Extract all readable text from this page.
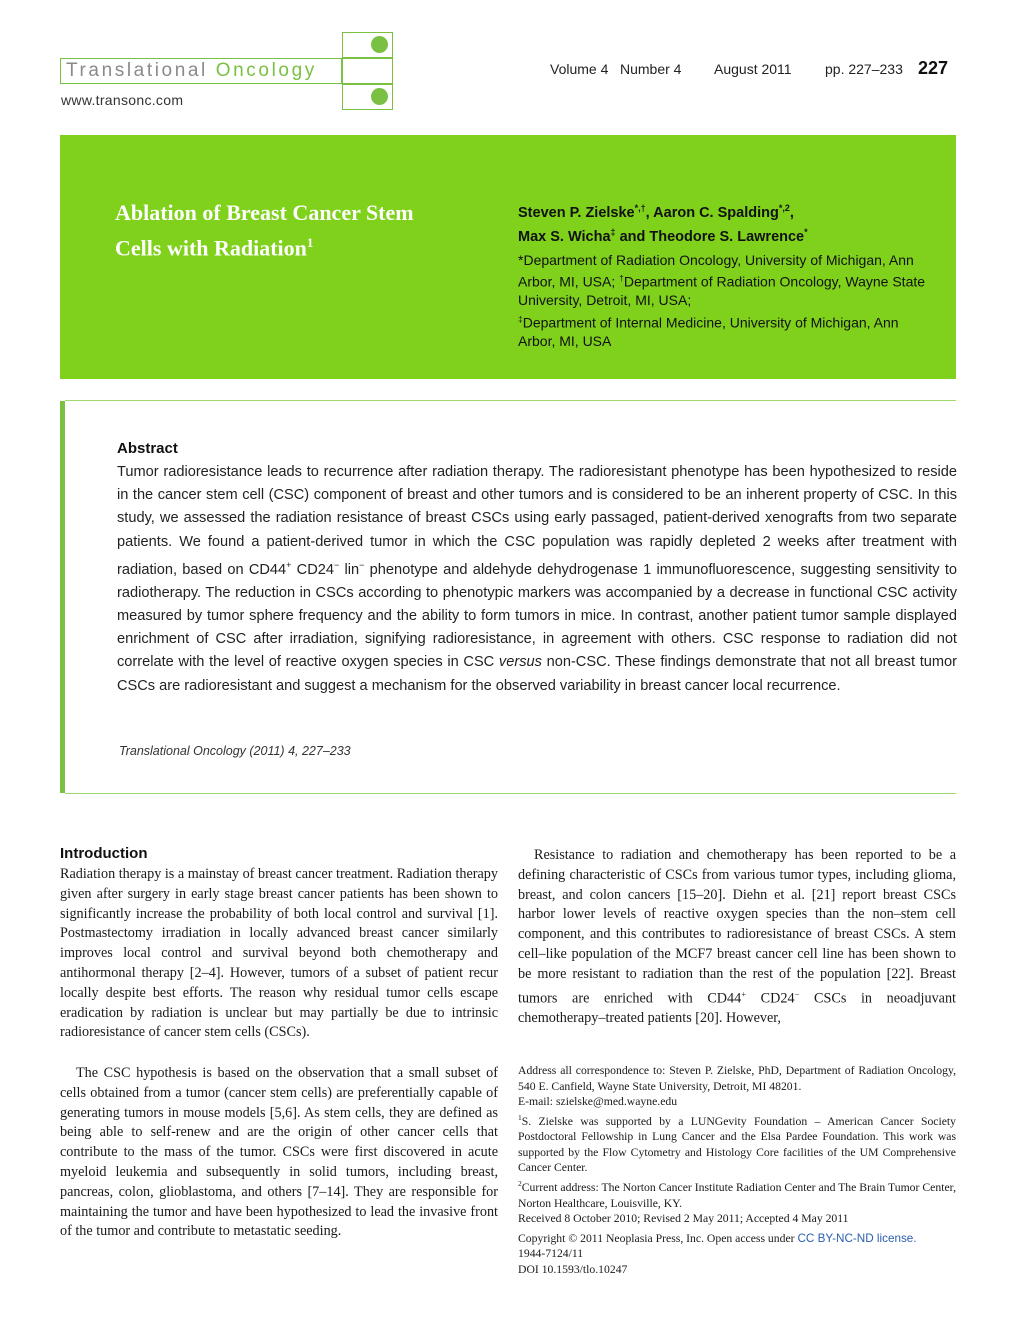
Translational Oncology
www.transonc.com
Volume 4 Number 4 August 2011 pp. 227–233 227
Ablation of Breast Cancer Stem
Cells with Radiation$^1$
Steven P. Zielske*,†, Aaron C. Spalding$^{*,2}$,
Max S. Wicha‡ and Theodore S. Lawrence*
*Department of Radiation Oncology, University of Michigan, Ann Arbor, MI, USA; †Department of Radiation Oncology, Wayne State University, Detroit, MI, USA;
‡Department of Internal Medicine, University of Michigan, Ann Arbor, MI, USA
Abstract
Tumor radioresistance leads to recurrence after radiation therapy. The radioresistant phenotype has been hypothesized to reside in the cancer stem cell (CSC) component of breast and other tumors and is considered to be an inherent property of CSC. In this study, we assessed the radiation resistance of breast CSCs using early passaged, patient-derived xenografts from two separate patients. We found a patient-derived tumor in which the CSC population was rapidly depleted 2 weeks after treatment with radiation, based on CD44+ CD24− lin− phenotype and aldehyde dehydrogenase 1 immunofluorescence, suggesting sensitivity to radiotherapy. The reduction in CSCs according to phenotypic markers was accompanied by a decrease in functional CSC activity measured by tumor sphere frequency and the ability to form tumors in mice. In contrast, another patient tumor sample displayed enrichment of CSC after irradiation, signifying radioresistance, in agreement with others. CSC response to radiation did not correlate with the level of reactive oxygen species in CSC versus non-CSC. These findings demonstrate that not all breast tumor CSCs are radioresistant and suggest a mechanism for the observed variability in breast cancer local recurrence.
Translational Oncology (2011) 4, 227–233
Introduction

Radiation therapy is a mainstay of breast cancer treatment. Radiation therapy given after surgery in early stage breast cancer patients has been shown to significantly increase the probability of both local control and survival [1]. Postmastectomy irradiation in locally advanced breast cancer similarly improves local control and survival beyond both chemotherapy and antihormonal therapy [2–4]. However, tumors of a subset of patient recur locally despite best efforts. The reason why residual tumor cells escape eradication by radiation is unclear but may partially be due to intrinsic radioresistance of cancer stem cells (CSCs).

The CSC hypothesis is based on the observation that a small subset of cells obtained from a tumor (cancer stem cells) are preferentially capable of generating tumors in mouse models [5,6]. As stem cells, they are defined as being able to self-renew and are the origin of other cancer cells that contribute to the mass of the tumor. CSCs were first discovered in acute myeloid leukemia and subsequently in solid tumors, including breast, pancreas, colon, glioblastoma, and others [7–14]. They are responsible for maintaining the tumor and have been hypothesized to lead the invasive front of the tumor and contribute to metastatic seeding.

Resistance to radiation and chemotherapy has been reported to be a defining characteristic of CSCs from various tumor types, including glioma, breast, and colon cancers [15–20]. Diehn et al. [21] report breast CSCs harbor lower levels of reactive oxygen species than the non–stem cell component, and this contributes to radioresistance of breast CSCs. A stem cell–like population of the MCF7 breast cancer cell line has been shown to be more resistant to radiation than the rest of the population [22]. Breast tumors are enriched with CD44+ CD24− CSCs in neoadjuvant chemotherapy–treated patients [20]. However,

Address all correspondence to: Steven P. Zielske, PhD, Department of Radiation Oncology, 540 E. Canfield, Wayne State University, Detroit, MI 48201.

E-mail: szielske@med.wayne.edu

$^1$S. Zielske was supported by a LUNGevity Foundation – American Cancer Society Postdoctoral Fellowship in Lung Cancer and the Elsa Pardee Foundation. This work was supported by the Flow Cytometry and Histology Core facilities of the UM Comprehensive Cancer Center.

$^2$Current address: The Norton Cancer Institute Radiation Center and The Brain Tumor Center, Norton Healthcare, Louisville, KY.

Received 8 October 2010; Revised 2 May 2011; Accepted 4 May 2011

Copyright © 2011 Neoplasia Press, Inc. Open access under CC BY-NC-ND license.

1944-7124/11

DOI 10.1593/tlo.10247
